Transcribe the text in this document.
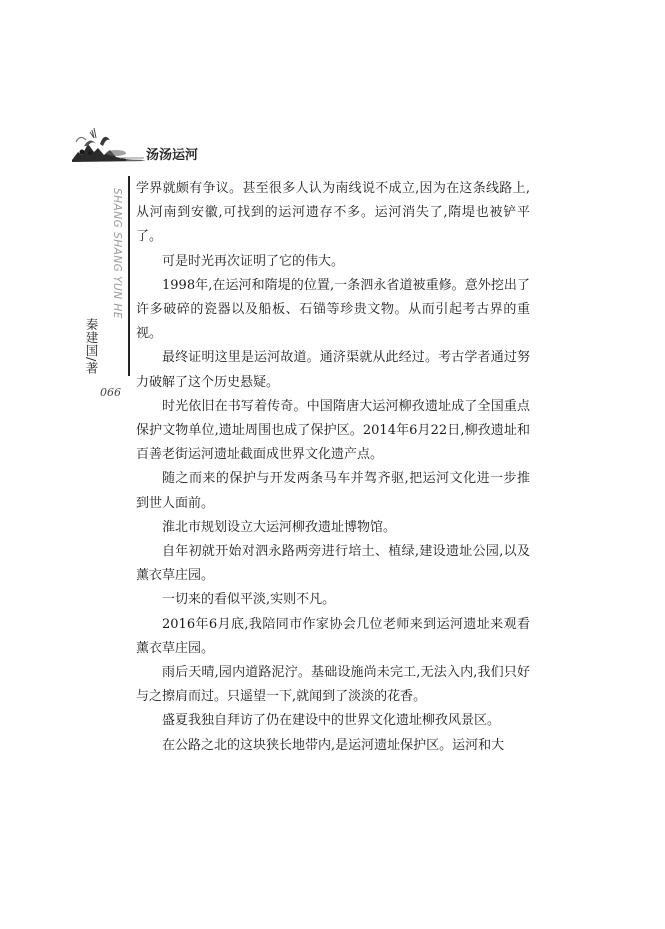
汤汤运河
SHANG SHANG YUN HE
秦建国/著
066

学界就颇有争议。甚至很多人认为南线说不成立,因为在这条线路上,从河南到安徽,可找到的运河遗存不多。运河消失了,隋堤也被铲平了。

可是时光再次证明了它的伟大。

1998年,在运河和隋堤的位置,一条泗永省道被重修。意外挖出了许多破碎的瓷器以及船板、石锚等珍贵文物。从而引起考古界的重视。

最终证明这里是运河故道。通济渠就从此经过。考古学者通过努力破解了这个历史悬疑。

时光依旧在书写着传奇。中国隋唐大运河柳孜遗址成了全国重点保护文物单位,遗址周围也成了保护区。2014年6月22日,柳孜遗址和百善老街运河遗址截面成世界文化遗产点。

随之而来的保护与开发两条马车并驾齐驱,把运河文化进一步推到世人面前。

淮北市规划设立大运河柳孜遗址博物馆。

自年初就开始对泗永路两旁进行培土、植绿,建设遗址公园,以及薰衣草庄园。

一切来的看似平淡,实则不凡。

2016年6月底,我陪同市作家协会几位老师来到运河遗址来观看薰衣草庄园。

雨后天晴,园内道路泥泞。基础设施尚未完工,无法入内,我们只好与之擦肩而过。只遥望一下,就闻到了淡淡的花香。

盛夏我独自拜访了仍在建设中的世界文化遗址柳孜风景区。

在公路之北的这块狭长地带内,是运河遗址保护区。运河和大
